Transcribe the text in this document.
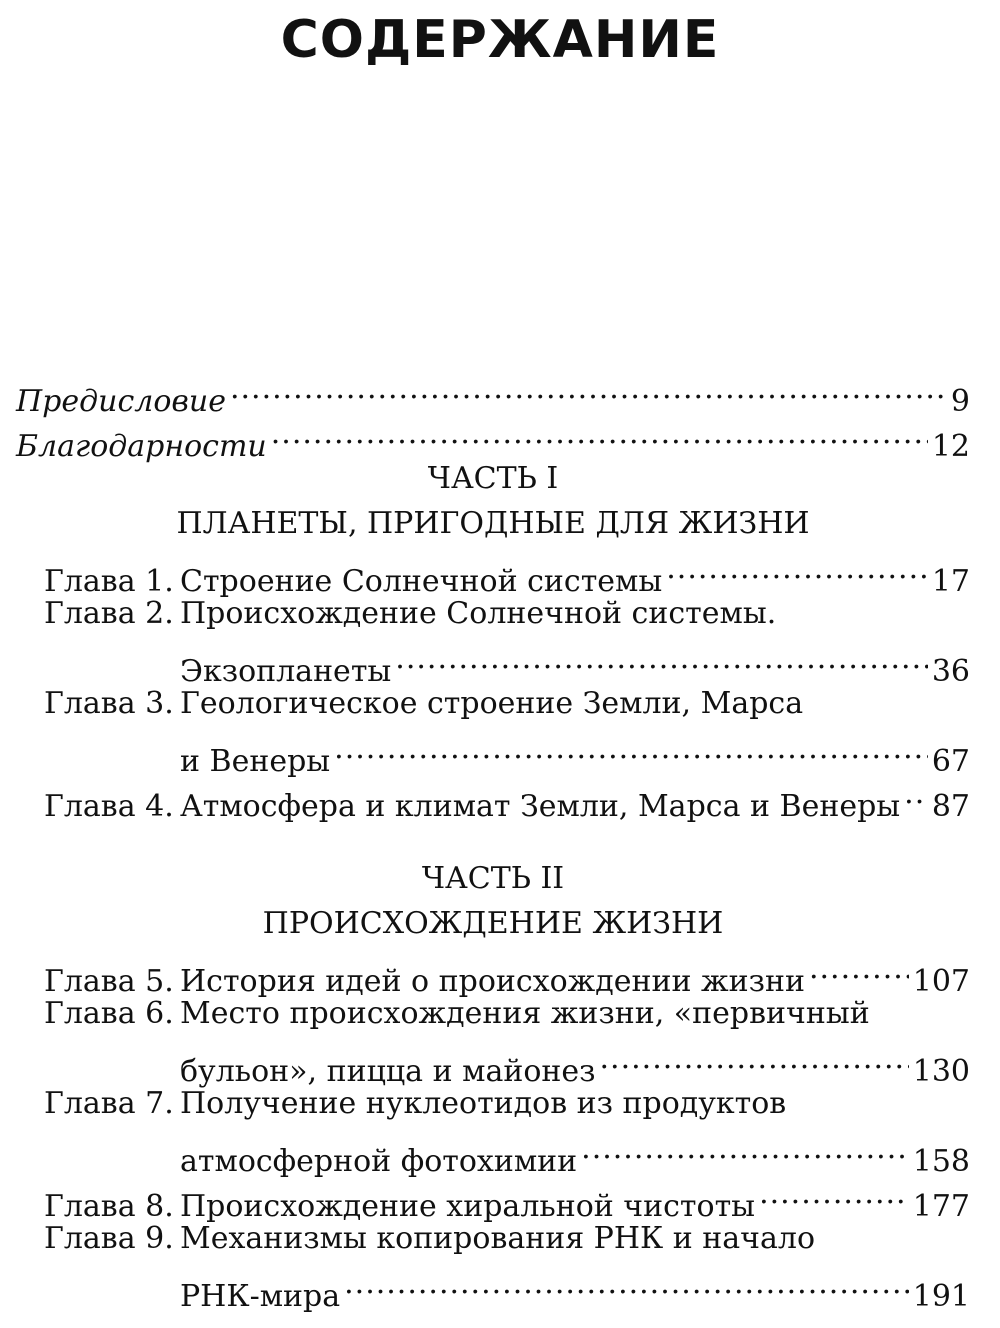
СОДЕРЖАНИЕ
Предисловие .....	9
Благодарности .....	12
ЧАСТЬ I
ПЛАНЕТЫ, ПРИГОДНЫЕ ДЛЯ ЖИЗНИ
Глава 1. Строение Солнечной системы .....	17
Глава 2. Происхождение Солнечной системы.
Экзопланеты .....	36
Глава 3. Геологическое строение Земли, Марса
и Венеры .....	67
Глава 4. Атмосфера и климат Земли, Марса и Венеры ..... 87
ЧАСТЬ II
ПРОИСХОЖДЕНИЕ ЖИЗНИ
Глава 5. История идей о происхождении жизни .....	107
Глава 6. Место происхождения жизни, «первичный
бульон», пицца и майонез .....	130
Глава 7. Получение нуклеотидов из продуктов
атмосферной фотохимии .....	158
Глава 8. Происхождение хиральной чистоты .....	177
Глава 9. Механизмы копирования РНК и начало
РНК-мира .....	191
